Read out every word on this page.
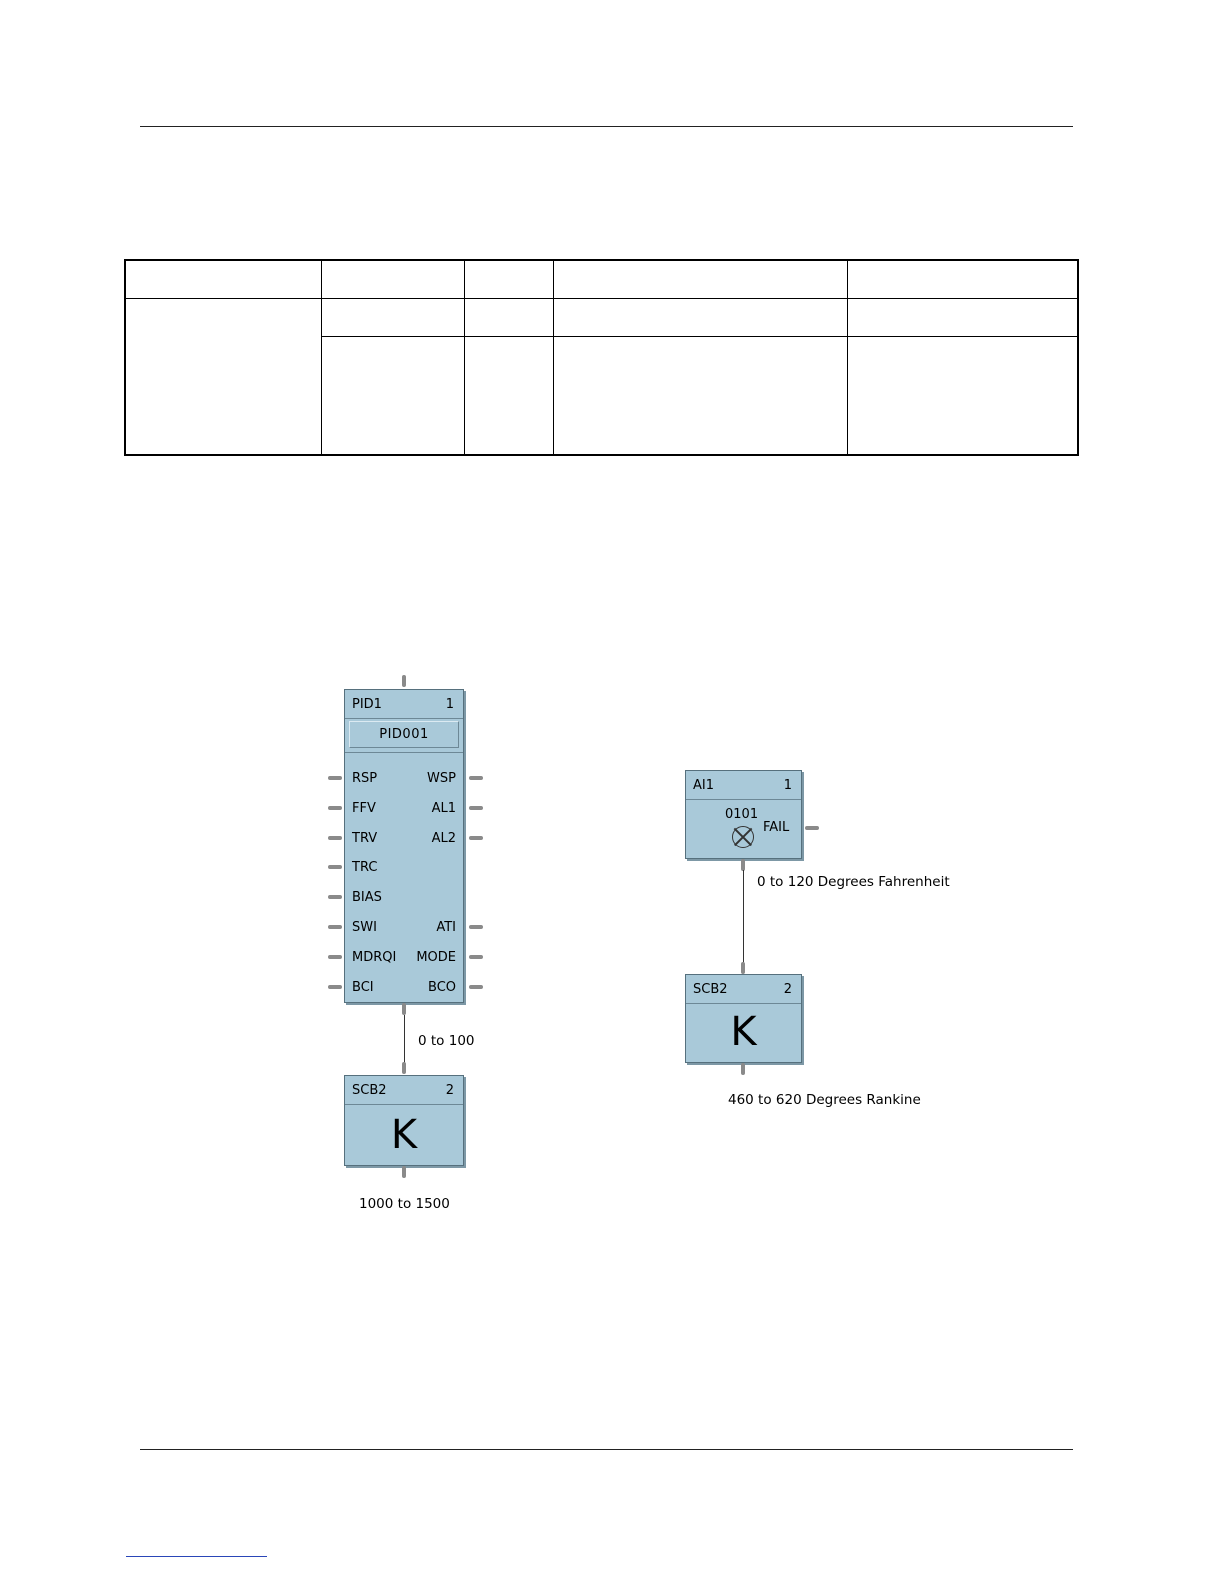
PID1	1
PID001
RSP
FFV
TRV
TRC
BIAS
SWI
MDRQI
BCI
WSP
AL1
AL2
ATI
MODE
BCO
0 to 100
SCB2	2
K
1000 to 1500
AI1	1
0101
FAIL
0 to 120 Degrees Fahrenheit
SCB2	2
K
460 to 620 Degrees Rankine
